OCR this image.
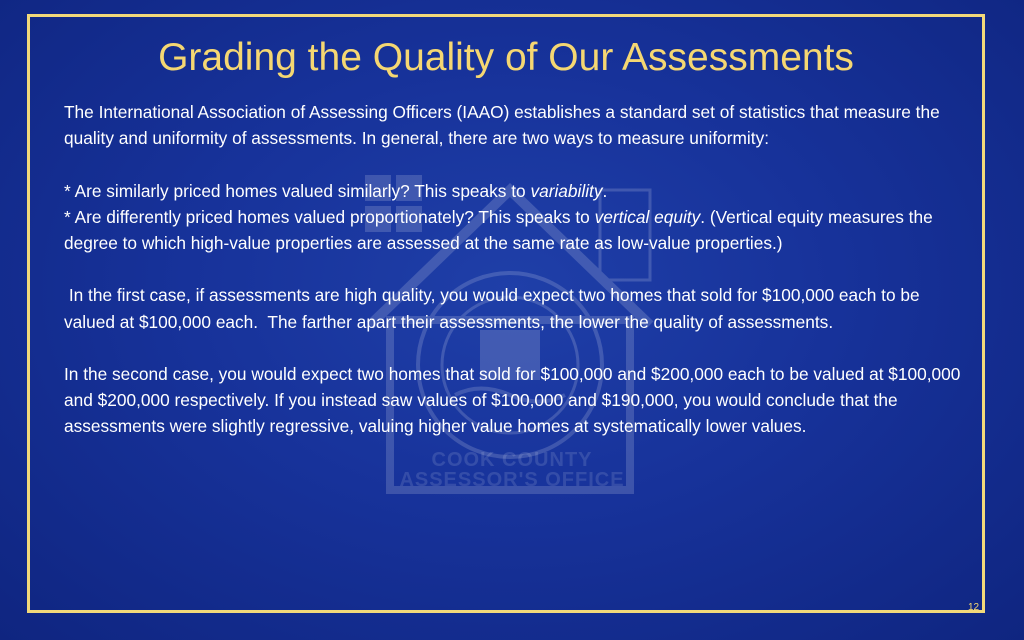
COOK COUNTY
ASSESSOR'S OFFICE
Grading the Quality of Our Assessments

The International Association of Assessing Officers (IAAO) establishes a standard set of statistics that measure the quality and uniformity of assessments. In general, there are two ways to measure uniformity:

* Are similarly priced homes valued similarly? This speaks to variability.

* Are differently priced homes valued proportionately? This speaks to vertical equity. (Vertical equity measures the degree to which high-value properties are assessed at the same rate as low-value properties.)

In the first case, if assessments are high quality, you would expect two homes that sold for $100,000 each to be valued at $100,000 each.  The farther apart their assessments, the lower the quality of assessments.

In the second case, you would expect two homes that sold for $100,000 and $200,000 each to be valued at $100,000 and $200,000 respectively. If you instead saw values of $100,000 and $190,000, you would conclude that the assessments were slightly regressive, valuing higher value homes at systematically lower values.

12
